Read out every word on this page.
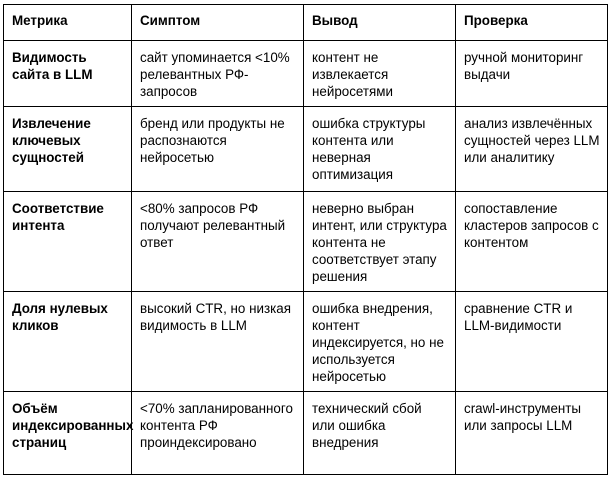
Метрика	Симптом	Вывод	Проверка
Видимость сайта в LLM	сайт упоминается <10% релевантных РФ-запросов	контент не извлекается нейросетями	ручной мониторинг выдачи
Извлечение ключевых сущностей	бренд или продукты не распознаются нейросетью	ошибка структуры контента или неверная оптимизация	анализ извлечённых сущностей через LLM или аналитику
Соответствие интента	<80% запросов РФ получают релевантный ответ	неверно выбран интент, или структура контента не соответствует этапу решения	сопоставление кластеров запросов с контентом
Доля нулевых кликов	высокий CTR, но низкая видимость в LLM	ошибка внедрения, контент индексируется, но не используется нейросетью	сравнение CTR и LLM-видимости
Объём индексированных страниц	<70% запланированного контента РФ проиндексировано	технический сбой или ошибка внедрения	crawl-инструменты или запросы LLM
